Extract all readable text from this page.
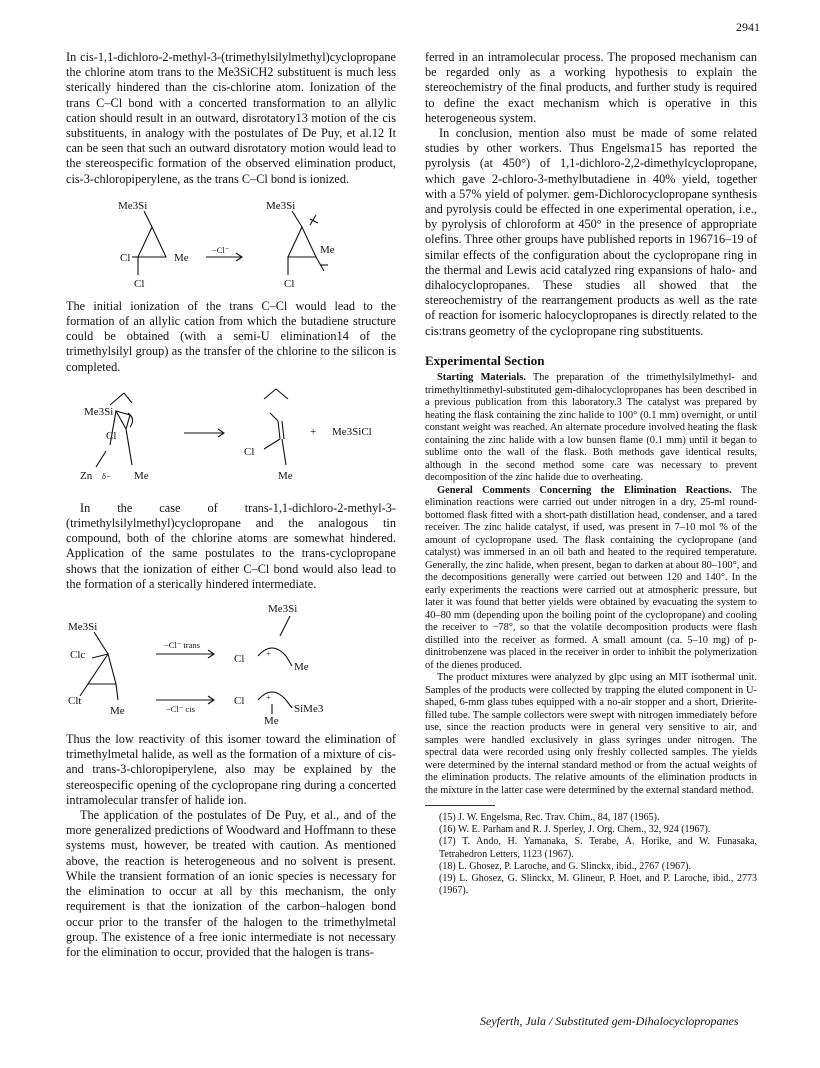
2941

In cis-1,1-dichloro-2-methyl-3-(trimethylsilylmethyl)cyclopropane the chlorine atom trans to the Me3SiCH2 substituent is much less sterically hindered than the cis-chlorine atom. Ionization of the trans C–Cl bond with a concerted transformation to an allylic cation should result in an outward, disrotatory13 motion of the cis substituents, in analogy with the postulates of De Puy, et al.12 It can be seen that such an outward disrotatory motion would lead to the stereospecific formation of the observed elimination product, cis-3-chloropiperylene, as the trans C–Cl bond is ionized.

Me3Si
Cl	Me
Cl
−Cl⁻
Me3Si
Me
Cl

The initial ionization of the trans C–Cl would lead to the formation of an allylic cation from which the butadiene structure could be obtained (with a semi-U elimination14 of the trimethylsilyl group) as the transfer of the chlorine to the silicon is completed.

Me3Si
Cl
Zn δ− Me
Cl
Me
+ Me3SiCl

In the case of trans-1,1-dichloro-2-methyl-3-(trimethylsilylmethyl)cyclopropane and the analogous tin compound, both of the chlorine atoms are somewhat hindered. Application of the same postulates to the trans-cyclopropane shows that the ionization of either C–Cl bond would also lead to the formation of a sterically hindered intermediate.

Me3Si
Clc
Clt
Me
−Cl⁻ trans
−Cl⁻ cis
Me3Si
+
Cl
Me
+
Cl
SiMe3
Me

Thus the low reactivity of this isomer toward the elimination of trimethylmetal halide, as well as the formation of a mixture of cis- and trans-3-chloropiperylene, also may be explained by the stereospecific opening of the cyclopropane ring during a concerted intramolecular transfer of halide ion.

The application of the postulates of De Puy, et al., and of the more generalized predictions of Woodward and Hoffmann to these systems must, however, be treated with caution. As mentioned above, the reaction is heterogeneous and no solvent is present. While the transient formation of an ionic species is necessary for the elimination to occur at all by this mechanism, the only requirement is that the ionization of the carbon–halogen bond occur prior to the transfer of the halogen to the trimethylmetal group. The existence of a free ionic intermediate is not necessary for the elimination to occur, provided that the halogen is trans-

ferred in an intramolecular process. The proposed mechanism can be regarded only as a working hypothesis to explain the stereochemistry of the final products, and further study is required to define the exact mechanism which is operative in this heterogeneous system.

In conclusion, mention also must be made of some related studies by other workers. Thus Engelsma15 has reported the pyrolysis (at 450°) of 1,1-dichloro-2,2-dimethylcyclopropane, which gave 2-chloro-3-methylbutadiene in 40% yield, together with a 57% yield of polymer. gem-Dichlorocyclopropane synthesis and pyrolysis could be effected in one experimental operation, i.e., by pyrolysis of chloroform at 450° in the presence of appropriate olefins. Three other groups have published reports in 196716–19 of similar effects of the configuration about the cyclopropane ring in the thermal and Lewis acid catalyzed ring expansions of halo- and dihalocyclopropanes. These studies all showed that the stereochemistry of the rearrangement products as well as the rate of reaction for isomeric halocyclopropanes is directly related to the cis:trans geometry of the cyclopropane ring substituents.

Experimental Section

Starting Materials. The preparation of the trimethylsilylmethyl- and trimethyltinmethyl-substituted gem-dihalocyclopropanes has been described in a previous publication from this laboratory.3 The catalyst was prepared by heating the flask containing the zinc halide to 100° (0.1 mm) overnight, or until constant weight was reached. An alternate procedure involved heating the flask containing the zinc halide with a low bunsen flame (0.1 mm) until it began to sublime onto the wall of the flask. Both methods gave identical results, although in the second method some care was necessary to prevent decomposition of the zinc halide due to overheating.

General Comments Concerning the Elimination Reactions. The elimination reactions were carried out under nitrogen in a dry, 25-ml round-bottomed flask fitted with a short-path distillation head, condenser, and a tared receiver. The zinc halide catalyst, if used, was present in 7–10 mol % of the amount of cyclopropane used. The flask containing the cyclopropane (and catalyst) was immersed in an oil bath and heated to the required temperature. Generally, the zinc halide, when present, began to darken at about 80–100°, and the decompositions generally were carried out between 120 and 140°. In the early experiments the reactions were carried out at atmospheric pressure, but later it was found that better yields were obtained by evacuating the system to 40–80 mm (depending upon the boiling point of the cyclopropane) and cooling the receiver to −78°, so that the volatile decomposition products were flash distilled into the receiver as formed. A small amount (ca. 5–10 mg) of p-dinitrobenzene was placed in the receiver in order to inhibit the polymerization of the dienes produced.

The product mixtures were analyzed by glpc using an MIT isothermal unit. Samples of the products were collected by trapping the eluted component in U-shaped, 6-mm glass tubes equipped with a no-air stopper and a short, Drierite-filled tube. The sample collectors were swept with nitrogen immediately before use, since the reaction products were in general very sensitive to air, and samples were handled exclusively in glass syringes under nitrogen. The spectral data were recorded using only freshly collected samples. The yields were determined by the internal standard method or from the actual weights of the elimination products. The relative amounts of the elimination products in the mixture in the latter case were determined by the external standard method.

(15) J. W. Engelsma, Rec. Trav. Chim., 84, 187 (1965).
(16) W. E. Parham and R. J. Sperley, J. Org. Chem., 32, 924 (1967).
(17) T. Ando, H. Yamanaka, S. Terabe, A. Horike, and W. Funasaka, Tetrahedron Letters, 1123 (1967).
(18) L. Ghosez, P. Laroche, and G. Slinckx, ibid., 2767 (1967).
(19) L. Ghosez, G. Slinckx, M. Glineur, P. Hoet, and P. Laroche, ibid., 2773 (1967).
Seyferth, Jula / Substituted gem-Dihalocyclopropanes
